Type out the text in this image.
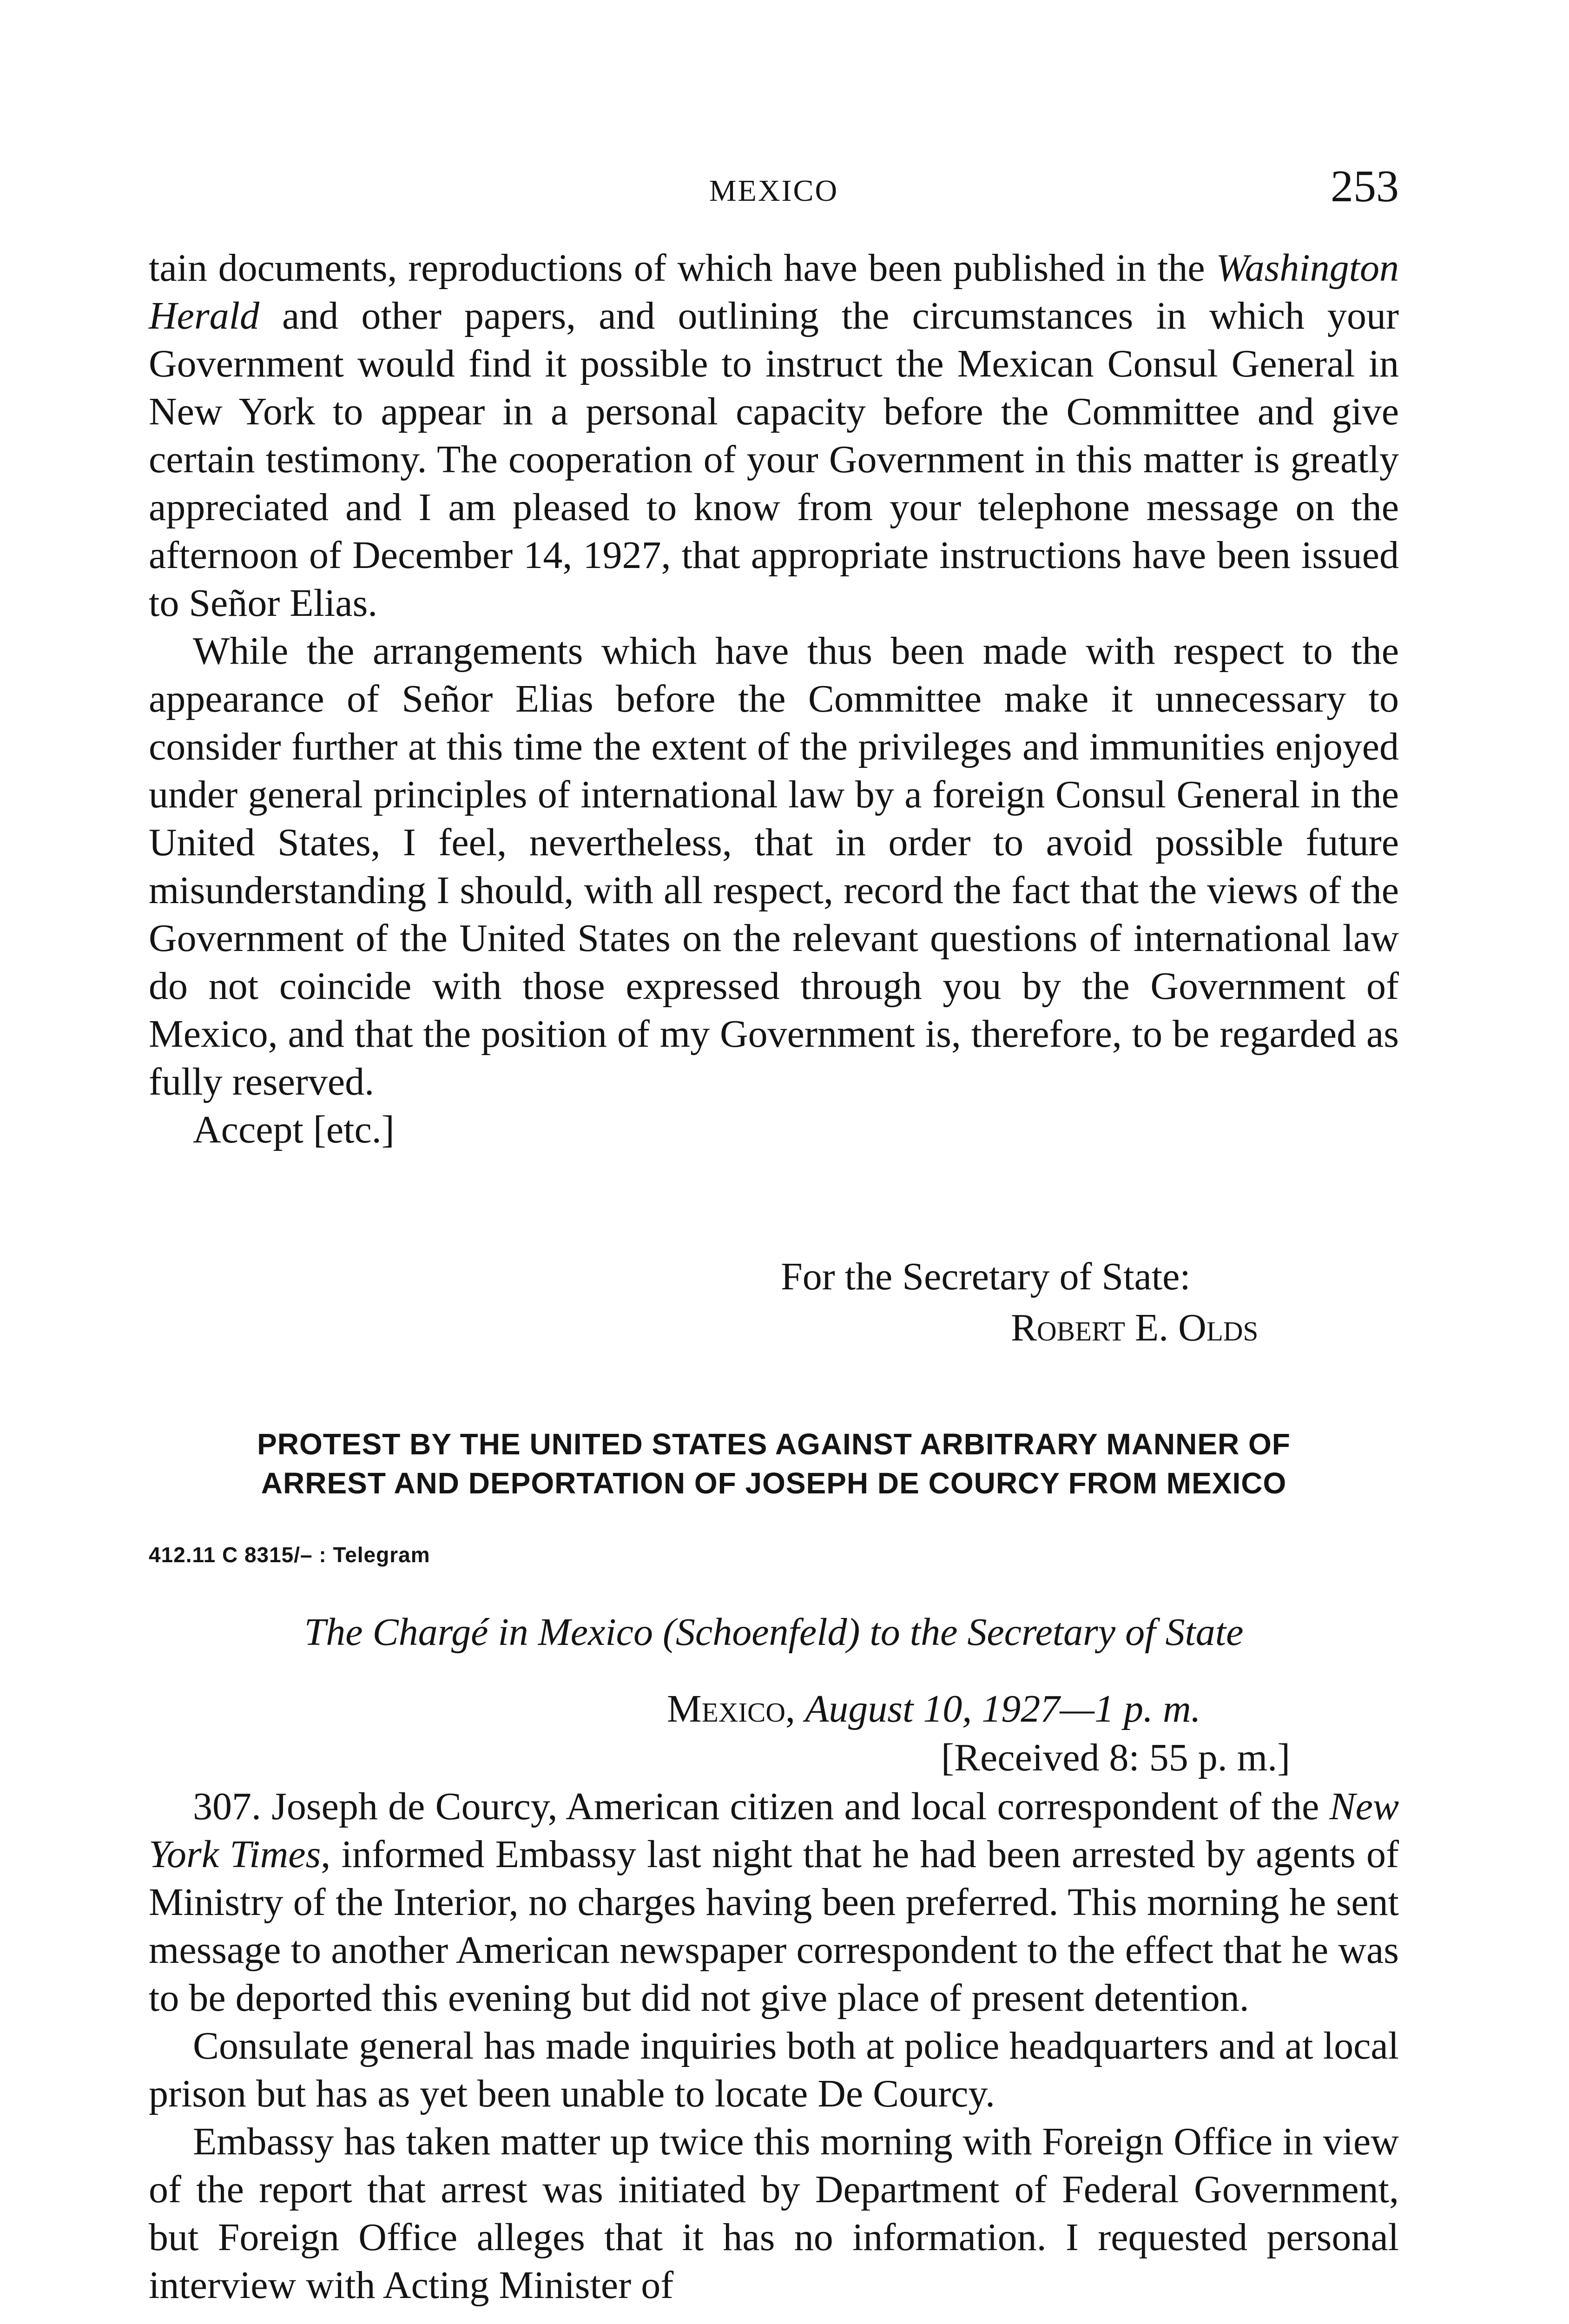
MEXICO	253

tain documents, reproductions of which have been published in the Washington Herald and other papers, and outlining the circumstances in which your Government would find it possible to instruct the Mexican Consul General in New York to appear in a personal capacity before the Committee and give certain testimony. The cooperation of your Government in this matter is greatly appreciated and I am pleased to know from your telephone message on the afternoon of December 14, 1927, that appropriate instructions have been issued to Señor Elias.

While the arrangements which have thus been made with respect to the appearance of Señor Elias before the Committee make it unnecessary to consider further at this time the extent of the privileges and immunities enjoyed under general principles of international law by a foreign Consul General in the United States, I feel, nevertheless, that in order to avoid possible future misunderstanding I should, with all respect, record the fact that the views of the Government of the United States on the relevant questions of international law do not coincide with those expressed through you by the Government of Mexico, and that the position of my Government is, therefore, to be regarded as fully reserved.

Accept [etc.]

For the Secretary of State:
Robert E. Olds
PROTEST BY THE UNITED STATES AGAINST ARBITRARY MANNER OF
ARREST AND DEPORTATION OF JOSEPH DE COURCY FROM MEXICO
412.11 C 8315/– : Telegram
The Chargé in Mexico (Schoenfeld) to the Secretary of State
Mexico, August 10, 1927—1 p. m.
[Received 8: 55 p. m.]

307. Joseph de Courcy, American citizen and local correspondent of the New York Times, informed Embassy last night that he had been arrested by agents of Ministry of the Interior, no charges having been preferred. This morning he sent message to another American newspaper correspondent to the effect that he was to be deported this evening but did not give place of present detention.

Consulate general has made inquiries both at police headquarters and at local prison but has as yet been unable to locate De Courcy.

Embassy has taken matter up twice this morning with Foreign Office in view of the report that arrest was initiated by Department of Federal Government, but Foreign Office alleges that it has no information. I requested personal interview with Acting Minister of
